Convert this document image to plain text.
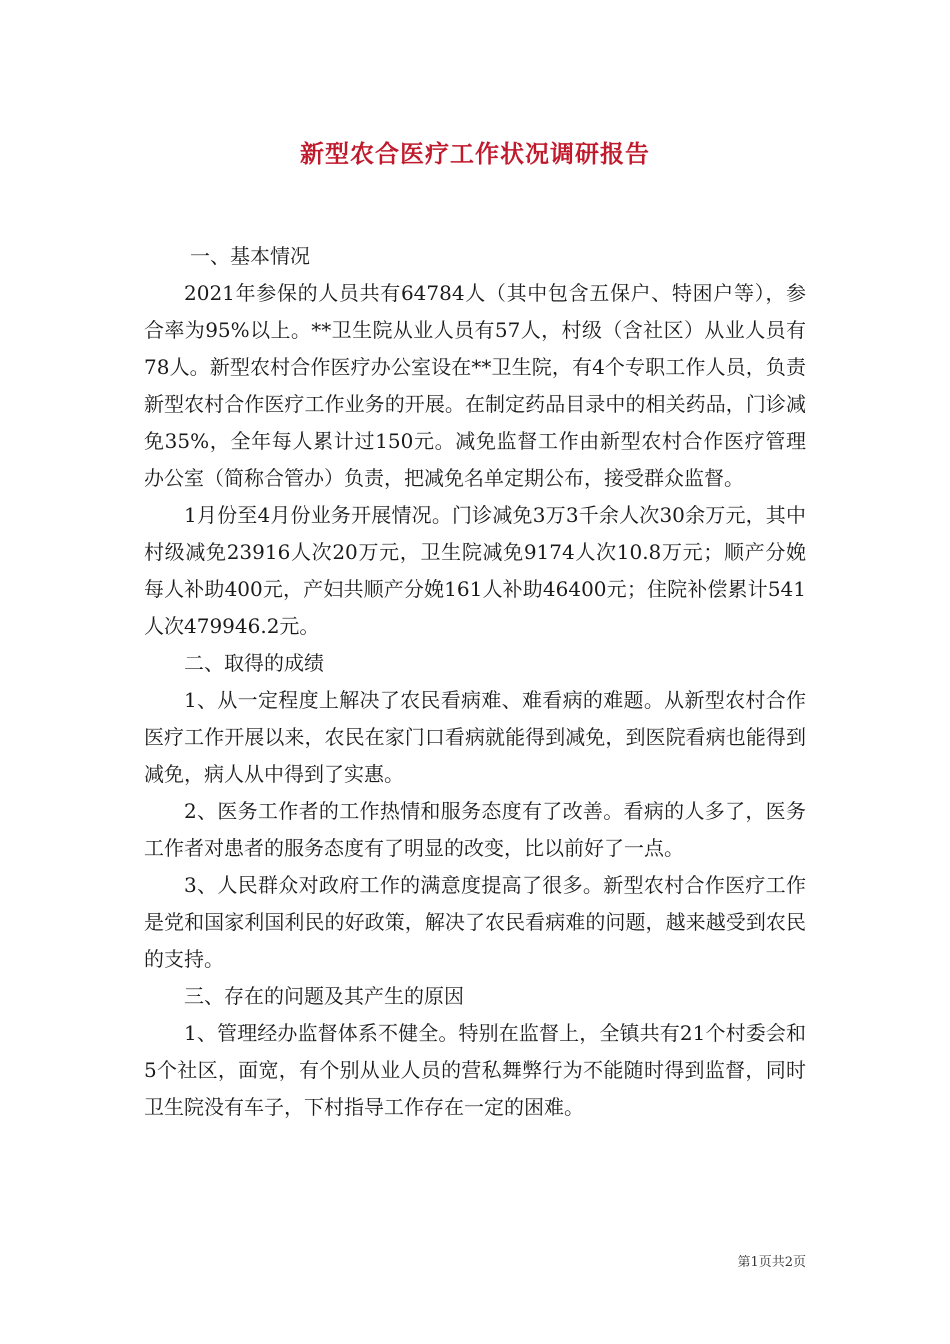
新型农合医疗工作状况调研报告

一、基本情况

2021年参保的人员共有64784人（其中包含五保户、特困户等），参合率为95%以上。**卫生院从业人员有57人，村级（含社区）从业人员有78人。新型农村合作医疗办公室设在**卫生院，有4个专职工作人员，负责新型农村合作医疗工作业务的开展。在制定药品目录中的相关药品，门诊减免35%，全年每人累计过150元。减免监督工作由新型农村合作医疗管理办公室（简称合管办）负责，把减免名单定期公布，接受群众监督。

1月份至4月份业务开展情况。门诊减免3万3千余人次30余万元，其中村级减免23916人次20万元，卫生院减免9174人次10.8万元；顺产分娩每人补助400元，产妇共顺产分娩161人补助46400元；住院补偿累计541人次479946.2元。

二、取得的成绩

1、从一定程度上解决了农民看病难、难看病的难题。从新型农村合作医疗工作开展以来，农民在家门口看病就能得到减免，到医院看病也能得到减免，病人从中得到了实惠。

2、医务工作者的工作热情和服务态度有了改善。看病的人多了，医务工作者对患者的服务态度有了明显的改变，比以前好了一点。

3、人民群众对政府工作的满意度提高了很多。新型农村合作医疗工作是党和国家利国利民的好政策，解决了农民看病难的问题，越来越受到农民的支持。

三、存在的问题及其产生的原因

1、管理经办监督体系不健全。特别在监督上，全镇共有21个村委会和5个社区，面宽，有个别从业人员的营私舞弊行为不能随时得到监督，同时卫生院没有车子，下村指导工作存在一定的困难。

第1页共2页
